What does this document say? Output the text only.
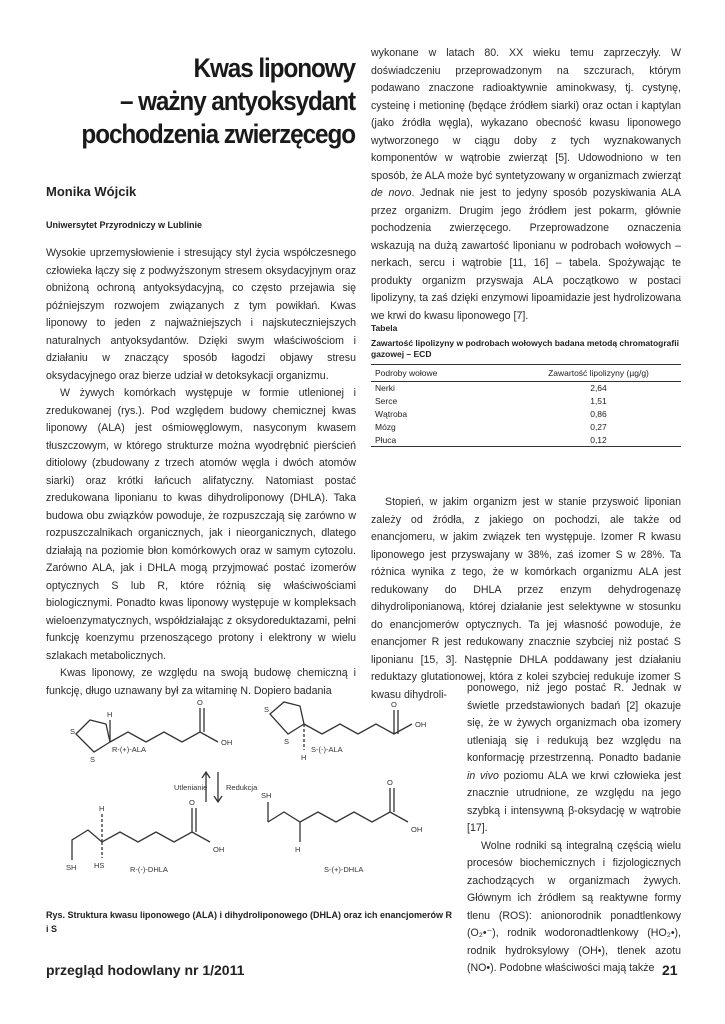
Kwas liponowy
– ważny antyoksydant
pochodzenia zwierzęcego
Monika Wójcik
Uniwersytet Przyrodniczy w Lublinie

Wysokie uprzemysłowienie i stresujący styl życia współczesnego człowieka łączy się z podwyższonym stresem oksydacyjnym oraz obniżoną ochroną antyoksydacyjną, co często przejawia się późniejszym rozwojem związanych z tym powikłań. Kwas liponowy to jeden z najważniejszych i najskuteczniejszych naturalnych antyoksydantów. Dzięki swym właściwościom i działaniu w znaczący sposób łagodzi objawy stresu oksydacyjnego oraz bierze udział w detoksykacji organizmu.

W żywych komórkach występuje w formie utlenionej i zredukowanej (rys.). Pod względem budowy chemicznej kwas liponowy (ALA) jest ośmiowęglowym, nasyconym kwasem tłuszczowym, w którego strukturze można wyodrębnić pierścień ditiolowy (zbudowany z trzech atomów węgla i dwóch atomów siarki) oraz krótki łańcuch alifatyczny. Natomiast postać zredukowana liponianu to kwas dihydroliponowy (DHLA). Taka budowa obu związków powoduje, że rozpuszczają się zarówno w rozpuszczalnikach organicznych, jak i nieorganicznych, dlatego działają na poziomie błon komórkowych oraz w samym cytozolu. Zarówno ALA, jak i DHLA mogą przyjmować postać izomerów optycznych S lub R, które różnią się właściwościami biologicznymi. Ponadto kwas liponowy występuje w kompleksach wieloenzymatycznych, współdziałając z oksydoreduktazami, pełni funkcję koenzymu przenoszącego protony i elektrony w wielu szlakach metabolicznych.

Kwas liponowy, ze względu na swoją budowę chemiczną i funkcję, długo uznawany był za witaminę N. Dopiero badania

wykonane w latach 80. XX wieku temu zaprzeczyły. W doświadczeniu przeprowadzonym na szczurach, którym podawano znaczone radioaktywnie aminokwasy, tj. cystynę, cysteinę i metioninę (będące źródłem siarki) oraz octan i kaptylan (jako źródła węgla), wykazano obecność kwasu liponowego wytworzonego w ciągu doby z tych wyznakowanych komponentów w wątrobie zwierząt [5]. Udowodniono w ten sposób, że ALA może być syntetyzowany w organizmach zwierząt de novo. Jednak nie jest to jedyny sposób pozyskiwania ALA przez organizm. Drugim jego źródłem jest pokarm, głównie pochodzenia zwierzęcego. Przeprowadzone oznaczenia wskazują na dużą zawartość liponianu w podrobach wołowych – nerkach, sercu i wątrobie [11, 16] – tabela. Spożywając te produkty organizm przyswaja ALA początkowo w postaci lipolizyny, ta zaś dzięki enzymowi lipoamidazie jest hydrolizowana we krwi do kwasu liponowego [7].

Tabela
Zawartość lipolizyny w podrobach wołowych badana metodą chromatografii gazowej – ECD
Podroby wołowe	Zawartość lipolizyny (µg/g)
Nerki	2,64
Serce	1,51
Wątroba	0,86
Mózg	0,27
Płuca	0,12

Stopień, w jakim organizm jest w stanie przyswoić liponian zależy od źródła, z jakiego on pochodzi, ale także od enancjomeru, w jakim związek ten występuje. Izomer R kwasu liponowego jest przyswajany w 38%, zaś izomer S w 28%. Ta różnica wynika z tego, że w komórkach organizmu ALA jest redukowany do DHLA przez enzym dehydrogenazę dihydroliponianową, której działanie jest selektywne w stosunku do enancjomerów optycznych. Ta jej własność powoduje, że enancjomer R jest redukowany znacznie szybciej niż postać S liponianu [15, 3]. Następnie DHLA poddawany jest działaniu reduktazy glutationowej, która z kolei szybciej redukuje izomer S kwasu dihydroli-

ponowego, niż jego postać R. Jednak w świetle przedstawionych badań [2] okazuje się, że w żywych organizmach oba izomery utleniają się i redukują bez względu na konformację przestrzenną. Ponadto badanie in vivo poziomu ALA we krwi człowieka jest znacznie utrudnione, ze względu na jego szybką i intensywną β-oksydację w wątrobie [17].

Wolne rodniki są integralną częścią wielu procesów biochemicznych i fizjologicznych zachodzących w organizmach żywych. Głównym ich źródłem są reaktywne formy tlenu (ROS): anionorodnik ponadtlenkowy (O₂•⁻), rodnik wodoronadtlenkowy (HO₂•), rodnik hydroksylowy (OH•), tlenek azotu (NO•). Podobne właściwości mają także

R-(+)-ALA	S-(-)-ALA
R-(-)-DHLA	S-(+)-DHLA
Utlenianie Redukcja
O
OH
O
OH
O
OH
O
OH
S
S
H
S
S
H
SH HS
H
SH
H
Rys. Struktura kwasu liponowego (ALA) i dihydroliponowego (DHLA) oraz ich enancjomerów R i S
przegląd hodowlany nr 1/2011	21
